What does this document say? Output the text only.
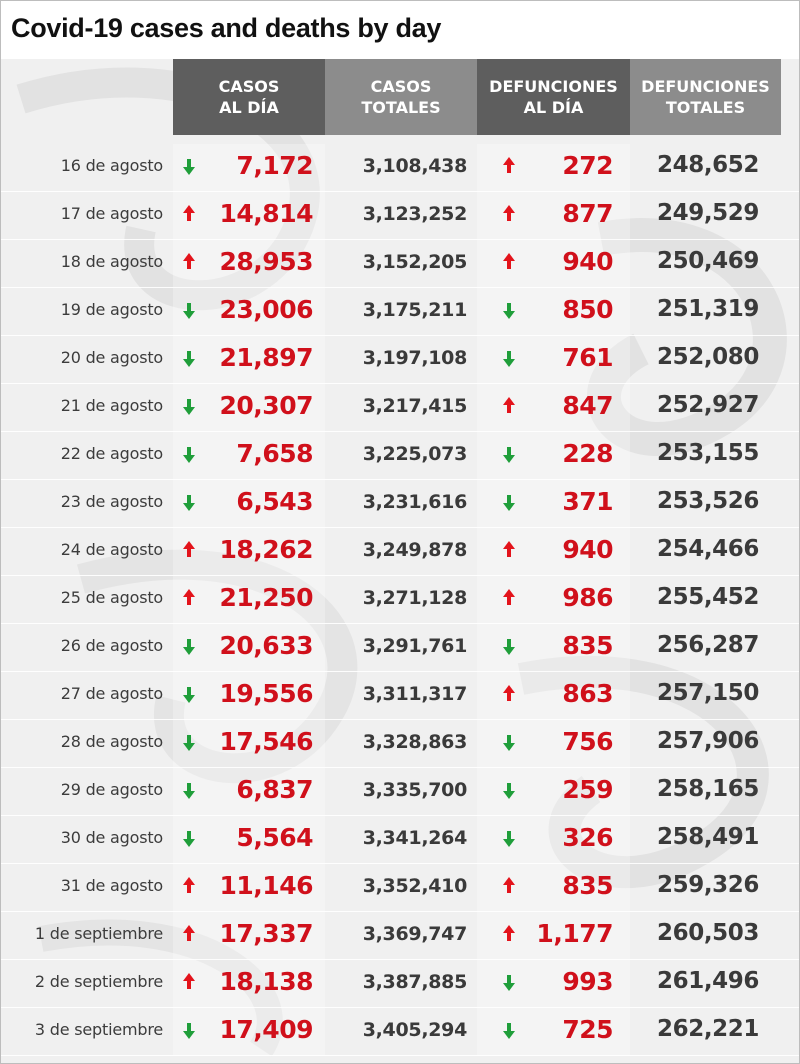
Covid-19 cases and deaths by day
CASOS
AL DÍA
CASOS
TOTALES
DEFUNCIONES
AL DÍA
DEFUNCIONES
TOTALES
16 de agosto	7,172	3,108,438	272	248,652
17 de agosto	14,814	3,123,252	877	249,529
18 de agosto	28,953	3,152,205	940	250,469
19 de agosto	23,006	3,175,211	850	251,319
20 de agosto	21,897	3,197,108	761	252,080
21 de agosto	20,307	3,217,415	847	252,927
22 de agosto	7,658	3,225,073	228	253,155
23 de agosto	6,543	3,231,616	371	253,526
24 de agosto	18,262	3,249,878	940	254,466
25 de agosto	21,250	3,271,128	986	255,452
26 de agosto	20,633	3,291,761	835	256,287
27 de agosto	19,556	3,311,317	863	257,150
28 de agosto	17,546	3,328,863	756	257,906
29 de agosto	6,837	3,335,700	259	258,165
30 de agosto	5,564	3,341,264	326	258,491
31 de agosto	11,146	3,352,410	835	259,326
1 de septiembre	17,337	3,369,747	1,177	260,503
2 de septiembre	18,138	3,387,885	993	261,496
3 de septiembre	17,409	3,405,294	725	262,221
